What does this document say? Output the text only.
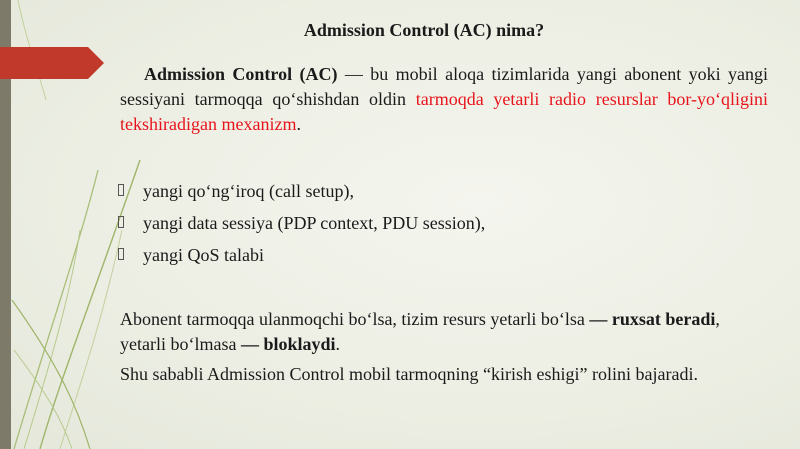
Admission Control (AC) nima?
Admission Control (AC) — bu mobil aloqa tizimlarida yangi abonent yoki yangi sessiyani tarmoqqa qo‘shishdan oldin tarmoqda yetarli radio resurslar bor-yo‘qligini tekshiradigan mexanizm.
yangi qo‘ng‘iroq (call setup),
yangi data sessiya (PDP context, PDU session),
yangi QoS talabi
Abonent tarmoqqa ulanmoqchi bo‘lsa, tizim resurs yetarli bo‘lsa — ruxsat beradi, yetarli bo‘lmasa — bloklaydi.
Shu sababli Admission Control mobil tarmoqning “kirish eshigi” rolini bajaradi.
